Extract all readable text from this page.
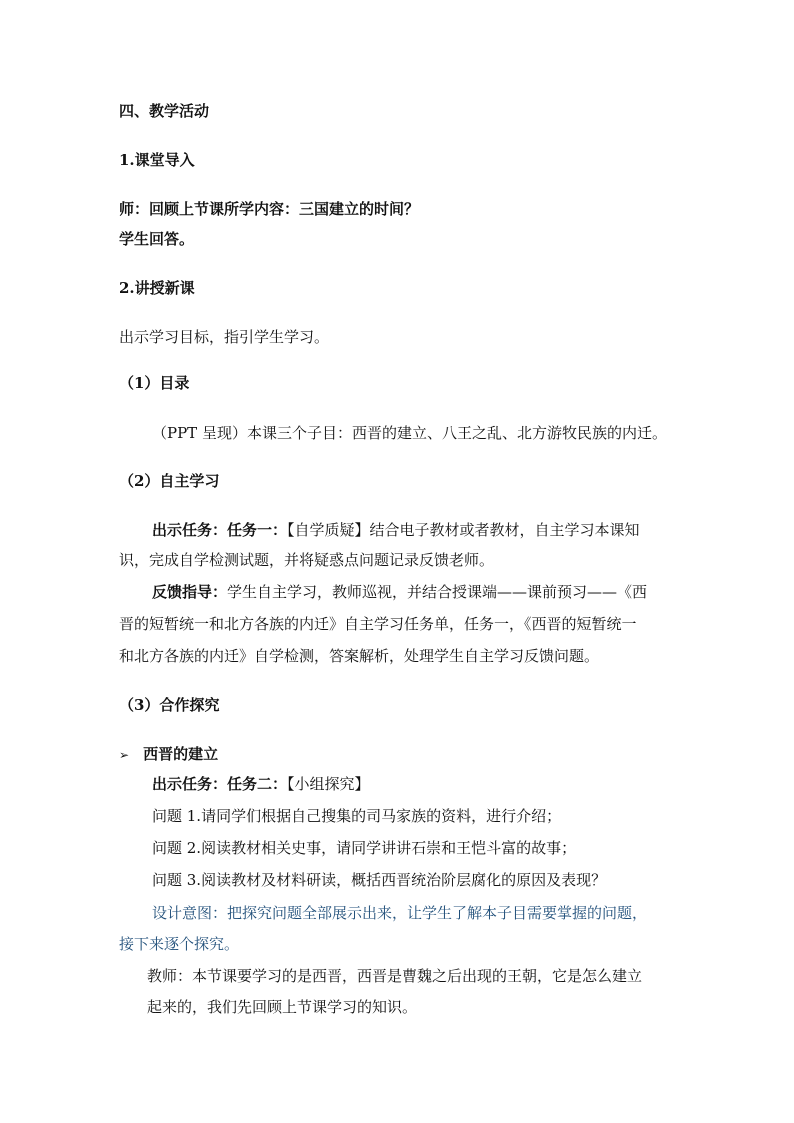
四、教学活动
1.课堂导入
师：回顾上节课所学内容：三国建立的时间？
学生回答。
2.讲授新课
出示学习目标，指引学生学习。
（1）目录
（PPT 呈现）本课三个子目：西晋的建立、八王之乱、北方游牧民族的内迁。
（2）自主学习
出示任务：任务一：【自学质疑】结合电子教材或者教材，自主学习本课知
识，完成自学检测试题，并将疑惑点问题记录反馈老师。
反馈指导：学生自主学习，教师巡视，并结合授课端——课前预习——《西
晋的短暂统一和北方各族的内迁》自主学习任务单，任务一，《西晋的短暂统一
和北方各族的内迁》自学检测，答案解析，处理学生自主学习反馈问题。
（3）合作探究
➢ 西晋的建立
出示任务：任务二：【小组探究】
问题 1.请同学们根据自己搜集的司马家族的资料，进行介绍；
问题 2.阅读教材相关史事，请同学讲讲石崇和王恺斗富的故事；
问题 3.阅读教材及材料研读，概括西晋统治阶层腐化的原因及表现？
设计意图：把探究问题全部展示出来，让学生了解本子目需要掌握的问题，
接下来逐个探究。
教师：本节课要学习的是西晋，西晋是曹魏之后出现的王朝，它是怎么建立
起来的，我们先回顾上节课学习的知识。
